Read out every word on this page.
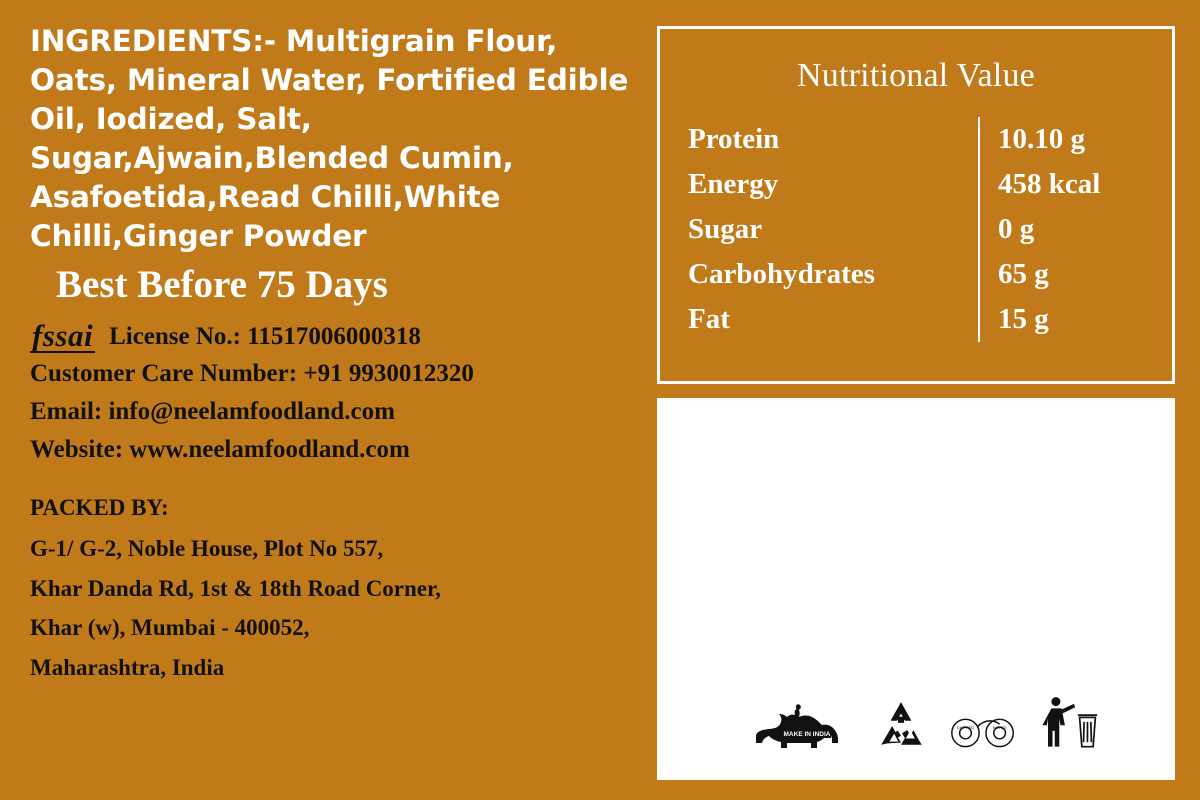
INGREDIENTS:- Multigrain Flour, Oats, Mineral Water, Fortified Edible Oil, Iodized, Salt, Sugar,Ajwain,Blended Cumin, Asafoetida,Read Chilli,White Chilli,Ginger Powder

Best Before 75 Days
fssai License No.: 11517006000318
Customer Care Number: +91 9930012320
Email: info@neelamfoodland.com
Website: www.neelamfoodland.com
PACKED BY:
G-1/ G-2, Noble House, Plot No 557,
Khar Danda Rd, 1st & 18th Road Corner,
Khar (w), Mumbai - 400052,
Maharashtra, India
Nutritional Value
Protein	10.10 g
Energy	458 kcal
Sugar	0 g
Carbohydrates	65 g
Fat	15 g
MAKE IN INDIA
CHIPPED NOTED
